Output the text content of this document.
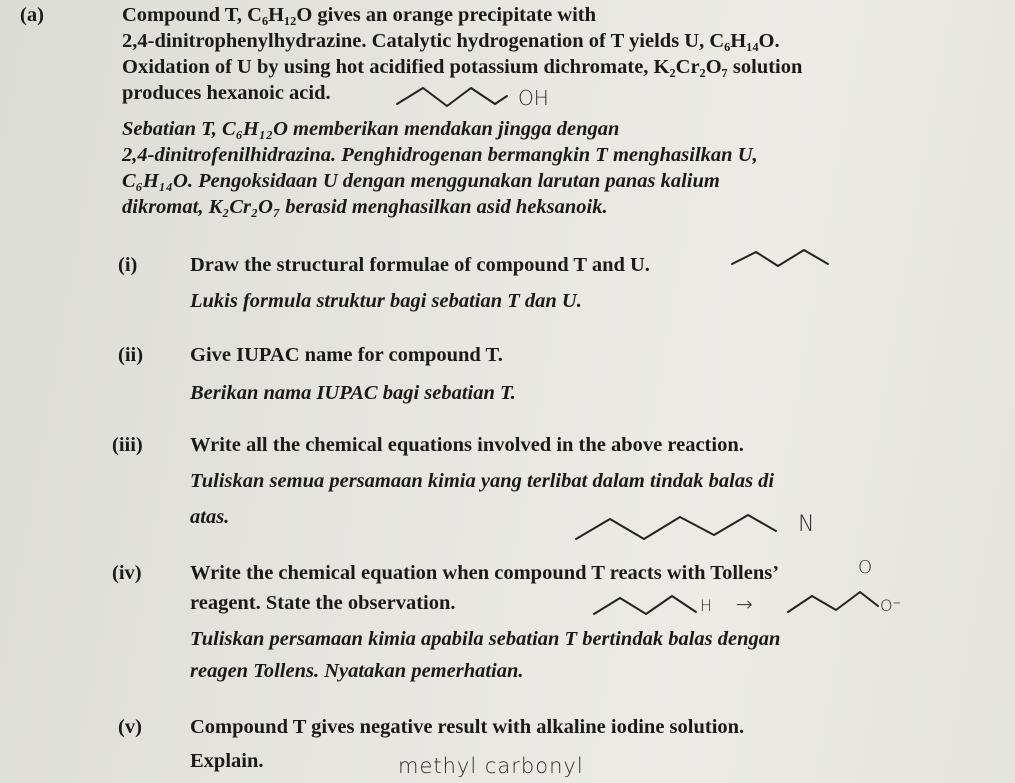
(a)	Compound T, C₆H₁₂O gives an orange precipitate with
2,4-dinitrophenylhydrazine. Catalytic hydrogenation of T yields U, C₆H₁₄O.
Oxidation of U by using hot acidified potassium dichromate, K₂Cr₂O₇ solution
produces hexanoic acid.
Sebatian T, C₆H₁₂O memberikan mendakan jingga dengan
2,4-dinitrofenilhidrazina. Penghidrogenan bermangkin T menghasilkan U,
C₆H₁₄O. Pengoksidaan U dengan menggunakan larutan panas kalium
dikromat, K₂Cr₂O₇ berasid menghasilkan asid heksanoik.
(i)	Draw the structural formulae of compound T and U.
Lukis formula struktur bagi sebatian T dan U.
(ii) Give IUPAC name for compound T.
Berikan nama IUPAC bagi sebatian T.
(iii) Write all the chemical equations involved in the above reaction.
Tuliskan semua persamaan kimia yang terlibat dalam tindak balas di
atas.
(iv) Write the chemical equation when compound T reacts with Tollens’
reagent. State the observation.
Tuliskan persamaan kimia apabila sebatian T bertindak balas dengan
reagen Tollens. Nyatakan pemerhatian.
(v) Compound T gives negative result with alkaline iodine solution.
Explain.
OH
N
O
H →	O⁻
methyl carbonyl
